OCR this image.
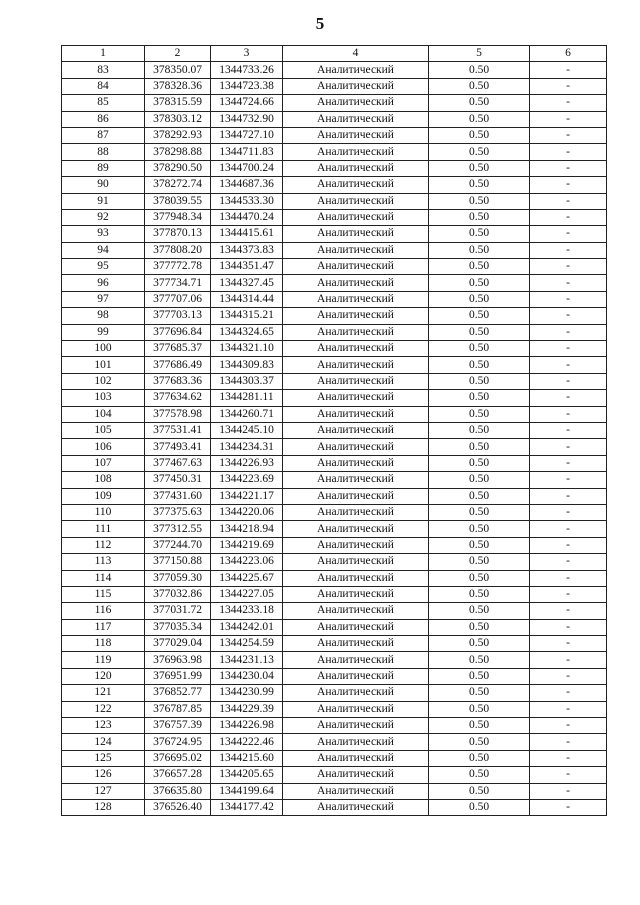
5
1	2	3	4	5	6
83	378350.07	1344733.26	Аналитический	0.50	-
84	378328.36	1344723.38	Аналитический	0.50	-
85	378315.59	1344724.66	Аналитический	0.50	-
86	378303.12	1344732.90	Аналитический	0.50	-
87	378292.93	1344727.10	Аналитический	0.50	-
88	378298.88	1344711.83	Аналитический	0.50	-
89	378290.50	1344700.24	Аналитический	0.50	-
90	378272.74	1344687.36	Аналитический	0.50	-
91	378039.55	1344533.30	Аналитический	0.50	-
92	377948.34	1344470.24	Аналитический	0.50	-
93	377870.13	1344415.61	Аналитический	0.50	-
94	377808.20	1344373.83	Аналитический	0.50	-
95	377772.78	1344351.47	Аналитический	0.50	-
96	377734.71	1344327.45	Аналитический	0.50	-
97	377707.06	1344314.44	Аналитический	0.50	-
98	377703.13	1344315.21	Аналитический	0.50	-
99	377696.84	1344324.65	Аналитический	0.50	-
100	377685.37	1344321.10	Аналитический	0.50	-
101	377686.49	1344309.83	Аналитический	0.50	-
102	377683.36	1344303.37	Аналитический	0.50	-
103	377634.62	1344281.11	Аналитический	0.50	-
104	377578.98	1344260.71	Аналитический	0.50	-
105	377531.41	1344245.10	Аналитический	0.50	-
106	377493.41	1344234.31	Аналитический	0.50	-
107	377467.63	1344226.93	Аналитический	0.50	-
108	377450.31	1344223.69	Аналитический	0.50	-
109	377431.60	1344221.17	Аналитический	0.50	-
110	377375.63	1344220.06	Аналитический	0.50	-
111	377312.55	1344218.94	Аналитический	0.50	-
112	377244.70	1344219.69	Аналитический	0.50	-
113	377150.88	1344223.06	Аналитический	0.50	-
114	377059.30	1344225.67	Аналитический	0.50	-
115	377032.86	1344227.05	Аналитический	0.50	-
116	377031.72	1344233.18	Аналитический	0.50	-
117	377035.34	1344242.01	Аналитический	0.50	-
118	377029.04	1344254.59	Аналитический	0.50	-
119	376963.98	1344231.13	Аналитический	0.50	-
120	376951.99	1344230.04	Аналитический	0.50	-
121	376852.77	1344230.99	Аналитический	0.50	-
122	376787.85	1344229.39	Аналитический	0.50	-
123	376757.39	1344226.98	Аналитический	0.50	-
124	376724.95	1344222.46	Аналитический	0.50	-
125	376695.02	1344215.60	Аналитический	0.50	-
126	376657.28	1344205.65	Аналитический	0.50	-
127	376635.80	1344199.64	Аналитический	0.50	-
128	376526.40	1344177.42	Аналитический	0.50	-
